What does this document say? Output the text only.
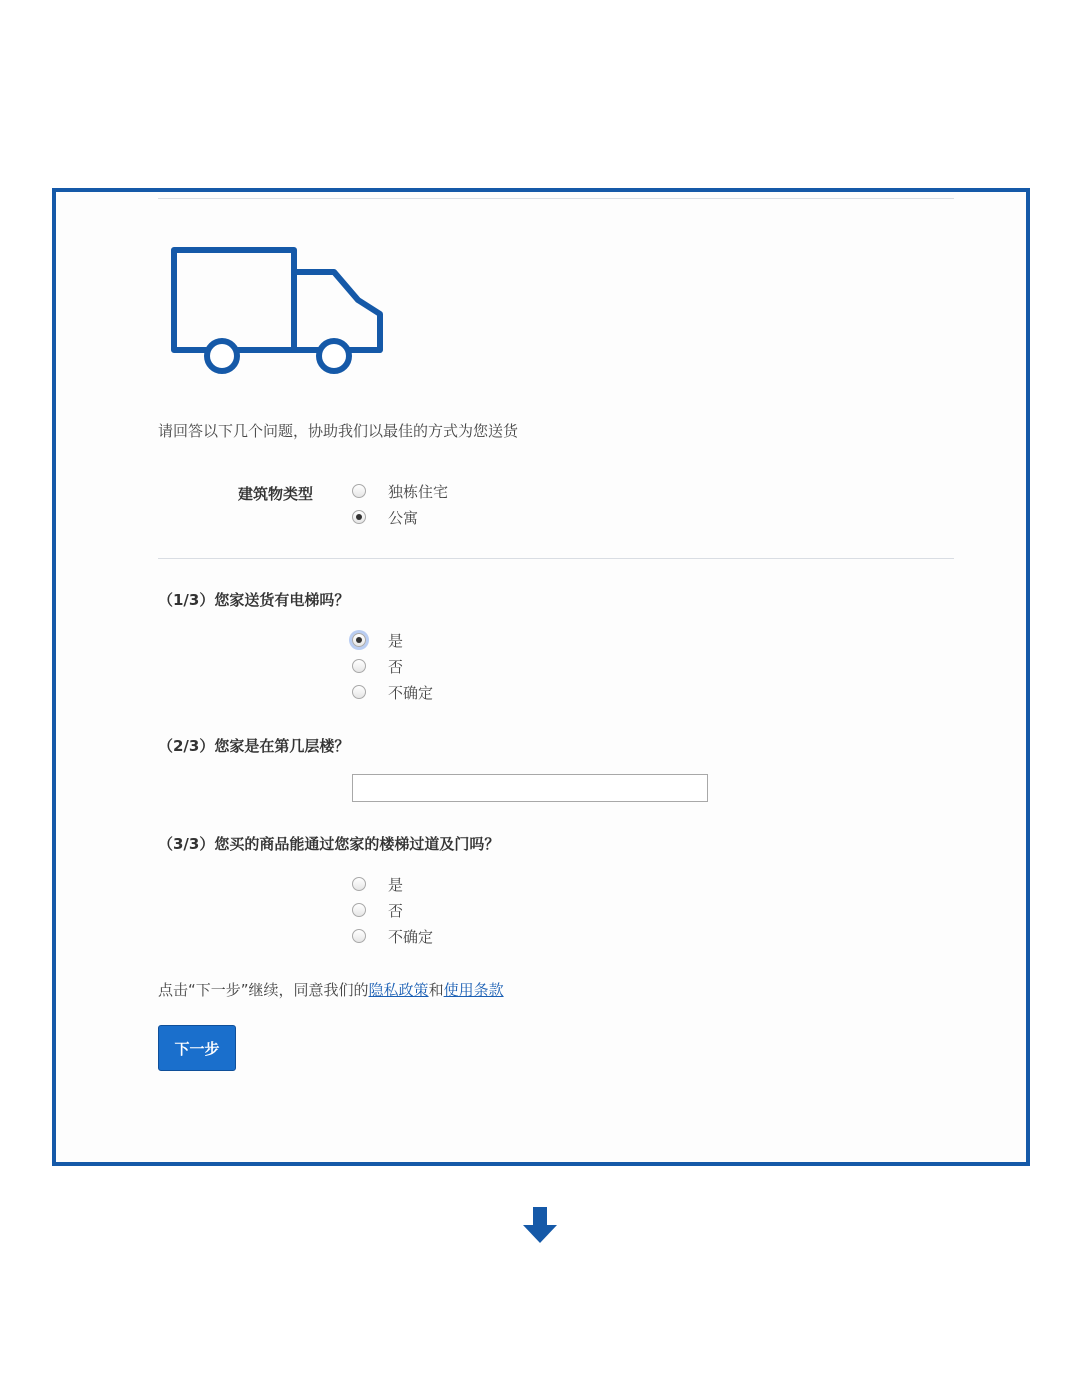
请回答以下几个问题，协助我们以最佳的方式为您送货
建筑物类型	独栋住宅
公寓
（1/3）您家送货有电梯吗？
是
否
不确定
（2/3）您家是在第几层楼？
（3/3）您买的商品能通过您家的楼梯过道及门吗？
是
否
不确定
点击“下一步”继续，同意我们的隐私政策和使用条款
下一步
